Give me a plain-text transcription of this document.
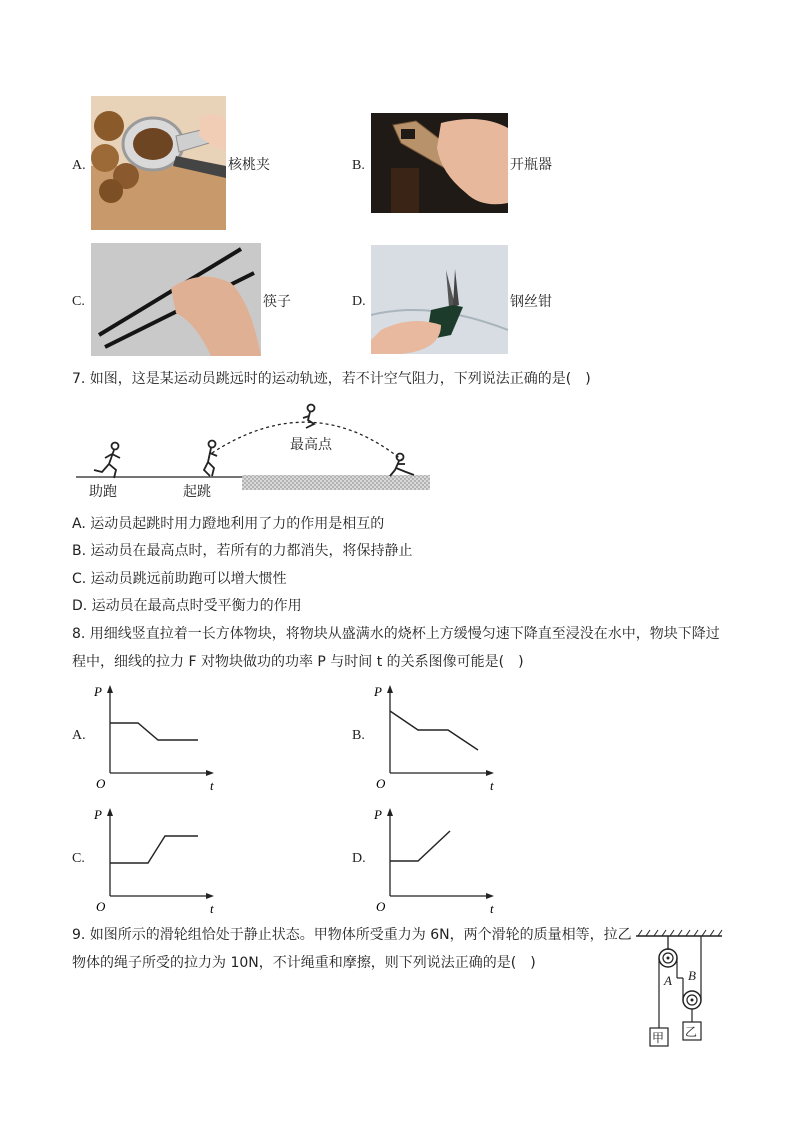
A.	核桃夹	B.	开瓶器
C.	筷子	D.	钢丝钳
7. 如图，这是某运动员跳远时的运动轨迹，若不计空气阻力，下列说法正确的是(　)
助跑	起跳
最高点
A. 运动员起跳时用力蹬地利用了力的作用是相互的
B. 运动员在最高点时，若所有的力都消失，将保持静止
C. 运动员跳远前助跑可以增大惯性
D. 运动员在最高点时受平衡力的作用
8. 用细线竖直拉着一长方体物块，将物块从盛满水的烧杯上方缓慢匀速下降直至浸没在水中，物块下降过
程中，细线的拉力 F 对物块做功的功率 P 与时间 t 的关系图像可能是(　)
A.
P
t
O
B.
P
t
O
C.
P
t
O
D.
P
t
O
9. 如图所示的滑轮组恰处于静止状态。甲物体所受重力为 6N，两个滑轮的质量相等，拉乙
物体的绳子所受的拉力为 10N，不计绳重和摩擦，则下列说法正确的是(　)
A B
甲 乙
